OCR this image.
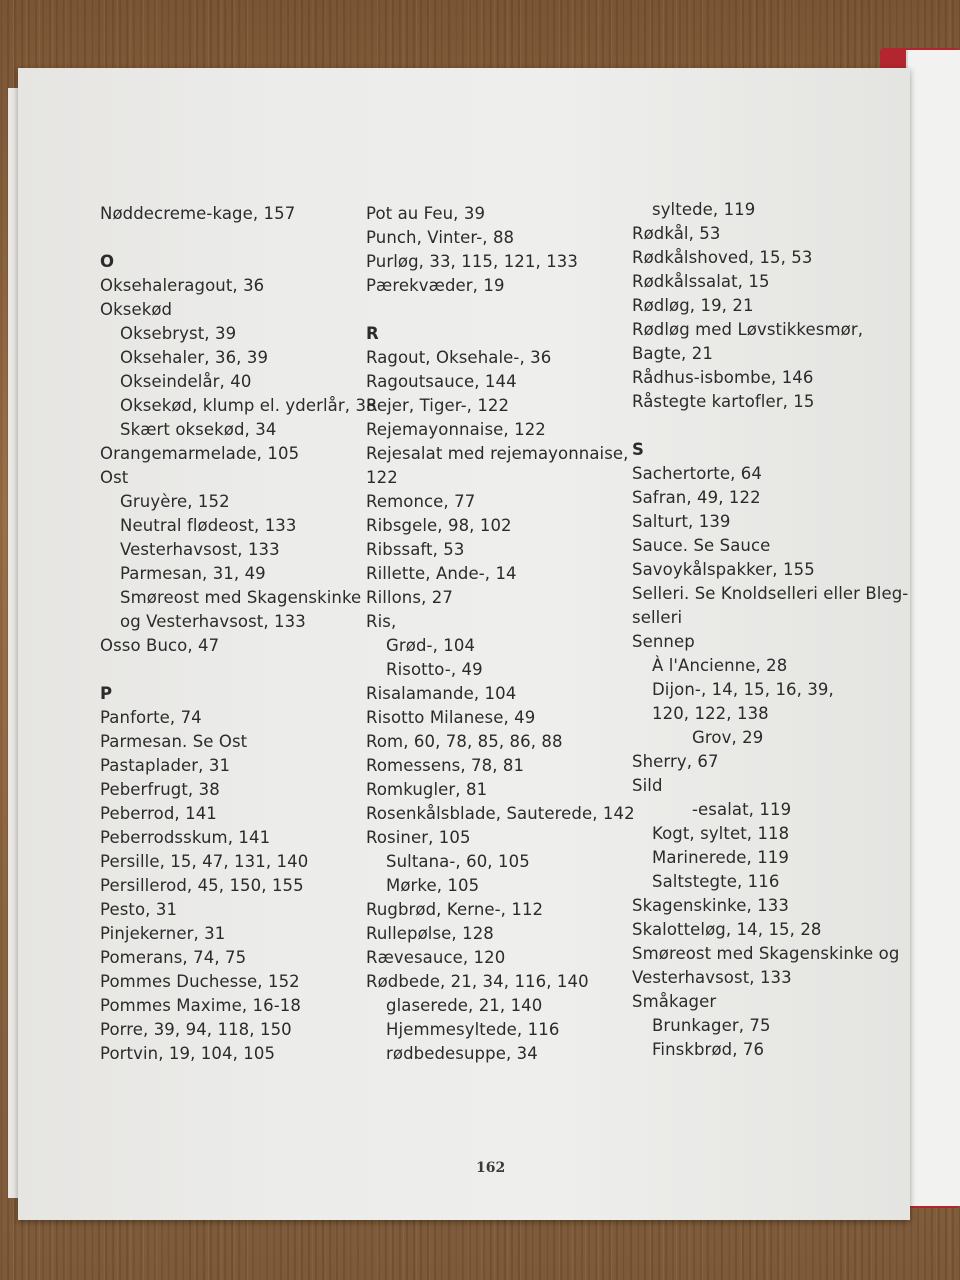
Nøddecreme-kage, 157
O
Oksehaleragout, 36
Oksekød
Oksebryst, 39
Oksehaler, 36, 39
Okseindelår, 40
Oksekød, klump el. yderlår, 38
Skært oksekød, 34
Orangemarmelade, 105
Ost
Gruyère, 152
Neutral flødeost, 133
Vesterhavsost, 133
Parmesan, 31, 49
Smøreost med Skagenskinke
og Vesterhavsost, 133
Osso Buco, 47
P
Panforte, 74
Parmesan. Se Ost
Pastaplader, 31
Peberfrugt, 38
Peberrod, 141
Peberrodsskum, 141
Persille, 15, 47, 131, 140
Persillerod, 45, 150, 155
Pesto, 31
Pinjekerner, 31
Pomerans, 74, 75
Pommes Duchesse, 152
Pommes Maxime, 16-18
Porre, 39, 94, 118, 150
Portvin, 19, 104, 105
Pot au Feu, 39
Punch, Vinter-, 88
Purløg, 33, 115, 121, 133
Pærekvæder, 19
R
Ragout, Oksehale-, 36
Ragoutsauce, 144
Rejer, Tiger-, 122
Rejemayonnaise, 122
Rejesalat med rejemayonnaise,
122
Remonce, 77
Ribsgele, 98, 102
Ribssaft, 53
Rillette, Ande-, 14
Rillons, 27
Ris,
Grød-, 104
Risotto-, 49
Risalamande, 104
Risotto Milanese, 49
Rom, 60, 78, 85, 86, 88
Romessens, 78, 81
Romkugler, 81
Rosenkålsblade, Sauterede, 142
Rosiner, 105
Sultana-, 60, 105
Mørke, 105
Rugbrød, Kerne-, 112
Rullepølse, 128
Rævesauce, 120
Rødbede, 21, 34, 116, 140
glaserede, 21, 140
Hjemmesyltede, 116
rødbedesuppe, 34
syltede, 119
Rødkål, 53
Rødkålshoved, 15, 53
Rødkålssalat, 15
Rødløg, 19, 21
Rødløg med Løvstikkesmør,
Bagte, 21
Rådhus-isbombe, 146
Råstegte kartofler, 15
S
Sachertorte, 64
Safran, 49, 122
Salturt, 139
Sauce. Se Sauce
Savoykålspakker, 155
Selleri. Se Knoldselleri eller Bleg-
selleri
Sennep
À l'Ancienne, 28
Dijon-, 14, 15, 16, 39,
120, 122, 138
Grov, 29
Sherry, 67
Sild
-esalat, 119
Kogt, syltet, 118
Marinerede, 119
Saltstegte, 116
Skagenskinke, 133
Skalotteløg, 14, 15, 28
Smøreost med Skagenskinke og
Vesterhavsost, 133
Småkager
Brunkager, 75
Finskbrød, 76
162
